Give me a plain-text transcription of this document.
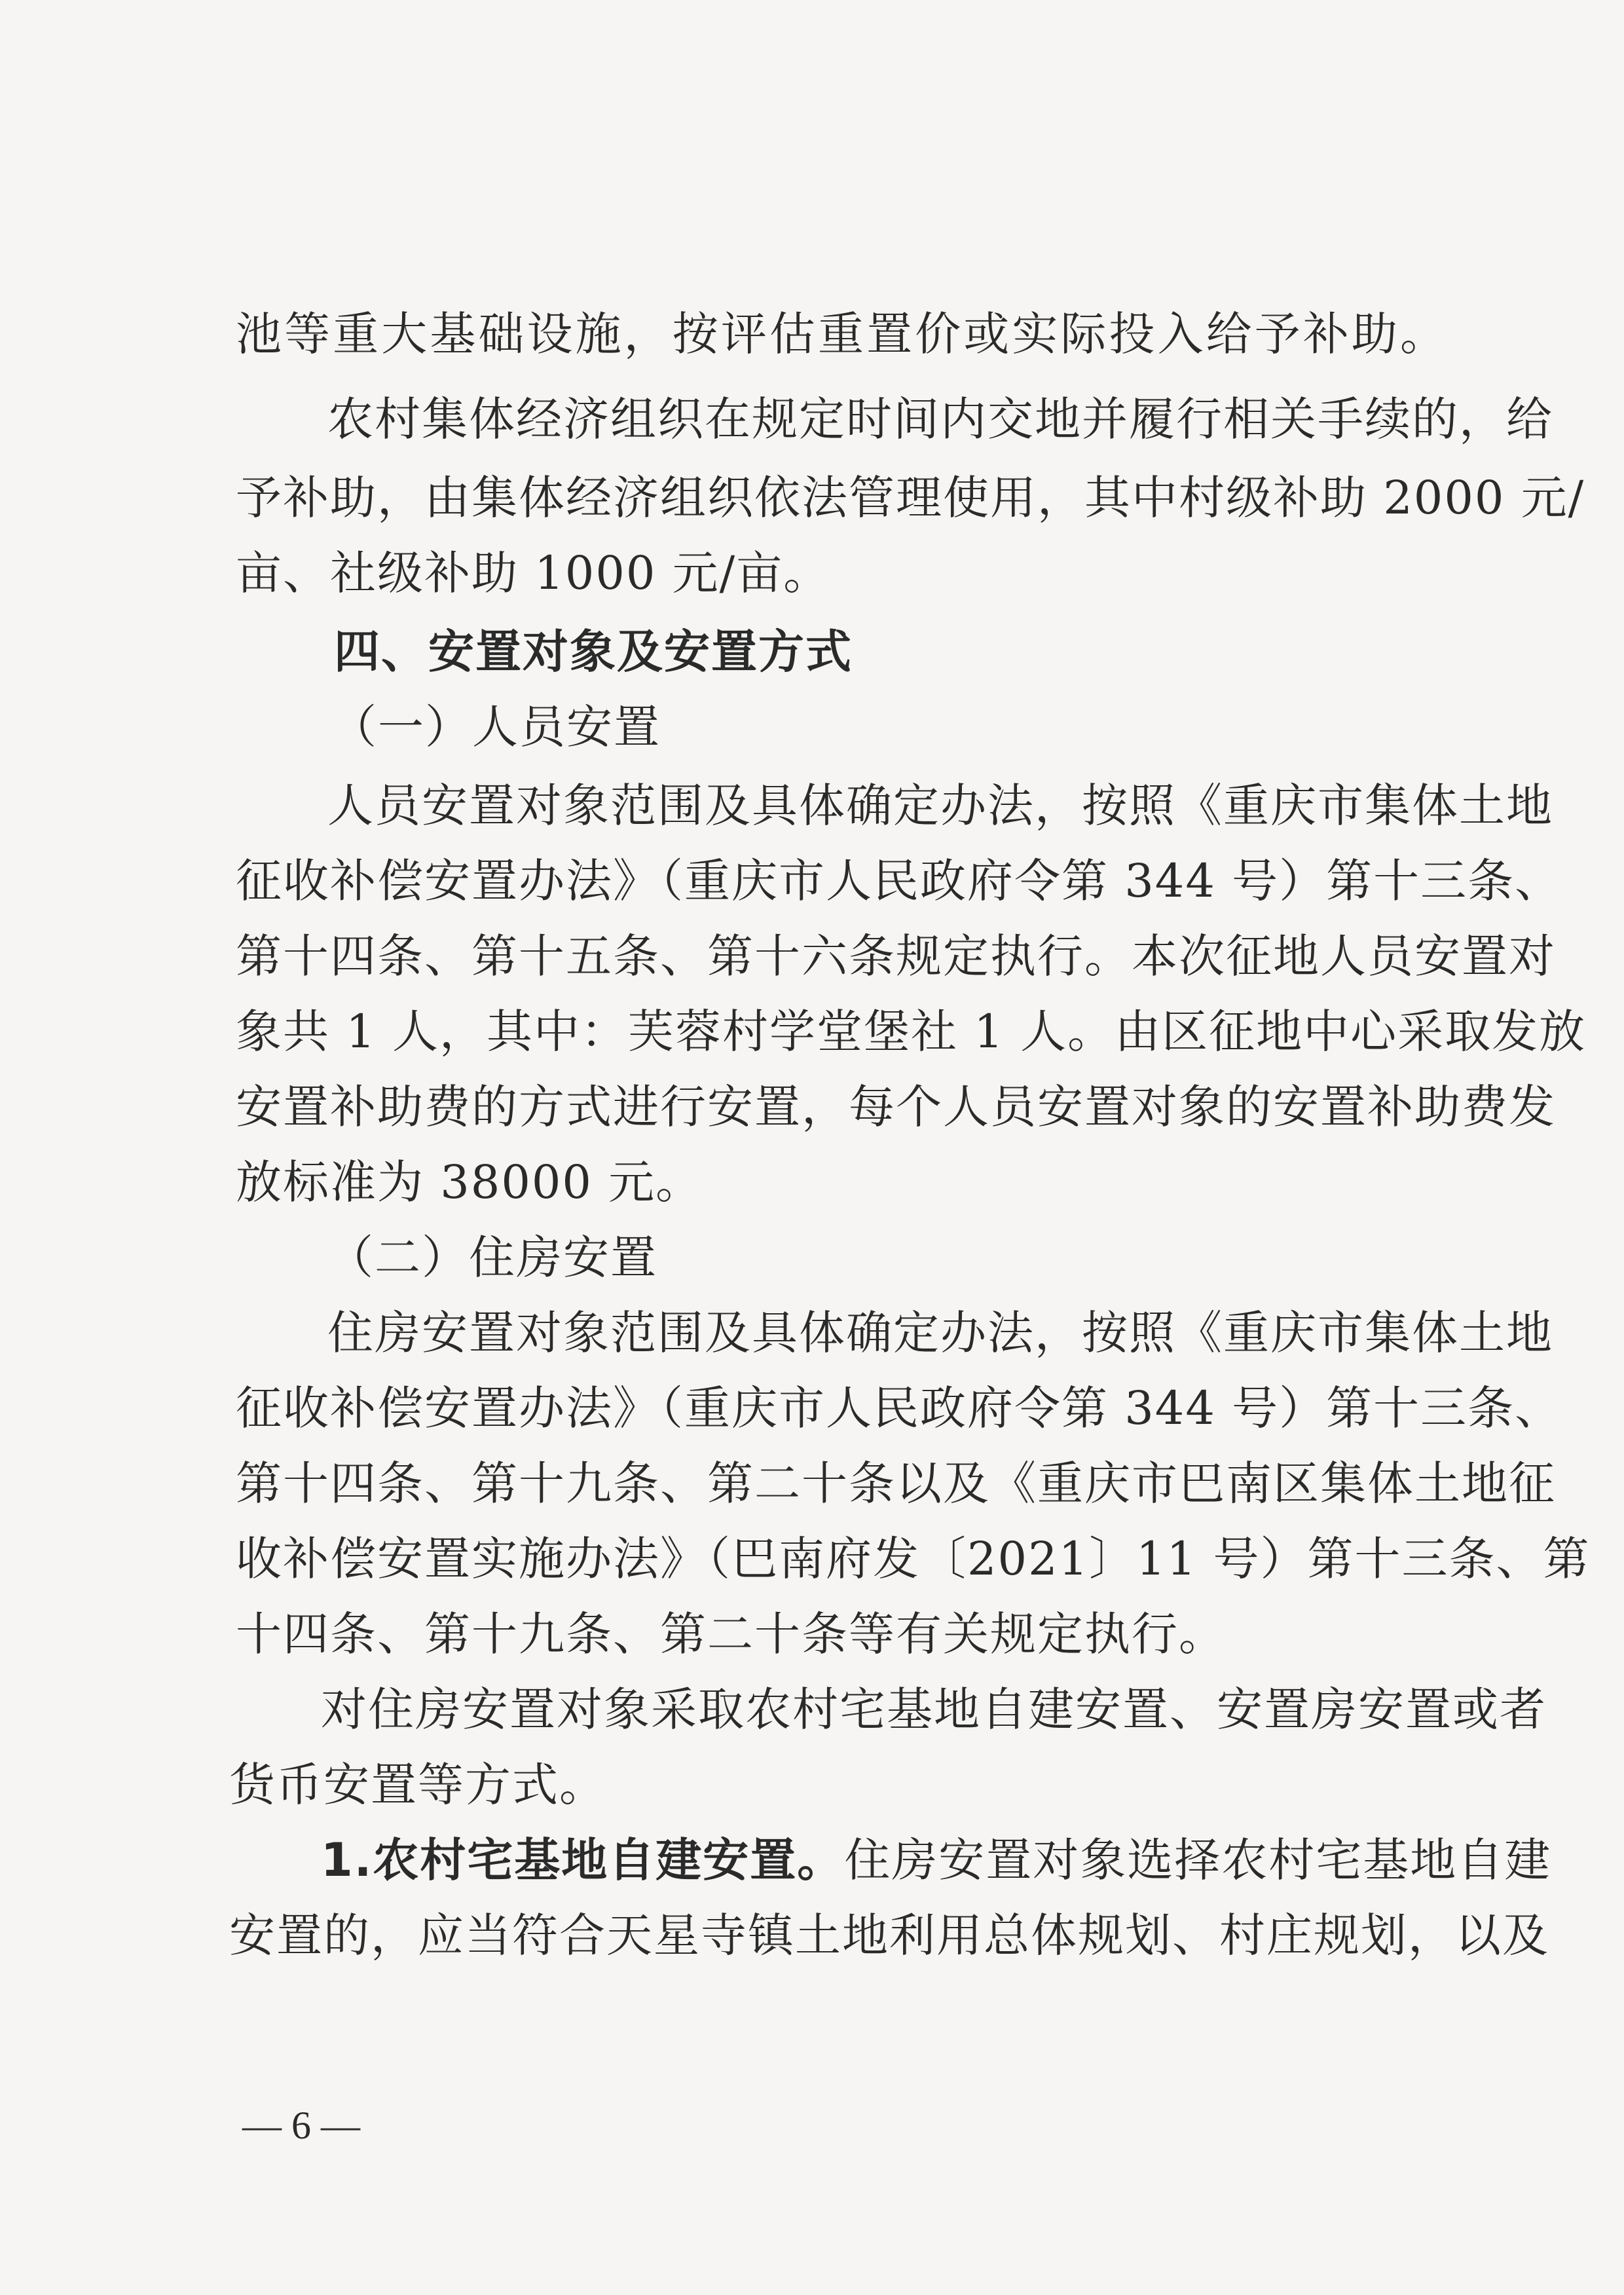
池等重大基础设施，按评估重置价或实际投入给予补助。
农村集体经济组织在规定时间内交地并履行相关手续的，给
予补助，由集体经济组织依法管理使用，其中村级补助 2000 元/
亩、社级补助 1000 元/亩。
四、安置对象及安置方式
（一）人员安置
人员安置对象范围及具体确定办法，按照《重庆市集体土地
征收补偿安置办法》（重庆市人民政府令第 344 号）第十三条、
第十四条、第十五条、第十六条规定执行。本次征地人员安置对
象共 1 人，其中：芙蓉村学堂堡社 1 人。由区征地中心采取发放
安置补助费的方式进行安置，每个人员安置对象的安置补助费发
放标准为 38000 元。
（二）住房安置
住房安置对象范围及具体确定办法，按照《重庆市集体土地
征收补偿安置办法》（重庆市人民政府令第 344 号）第十三条、
第十四条、第十九条、第二十条以及《重庆市巴南区集体土地征
收补偿安置实施办法》（巴南府发〔2021〕11 号）第十三条、第
十四条、第十九条、第二十条等有关规定执行。
对住房安置对象采取农村宅基地自建安置、安置房安置或者
货币安置等方式。
1.农村宅基地自建安置。住房安置对象选择农村宅基地自建
安置的，应当符合天星寺镇土地利用总体规划、村庄规划，以及
— 6 —
